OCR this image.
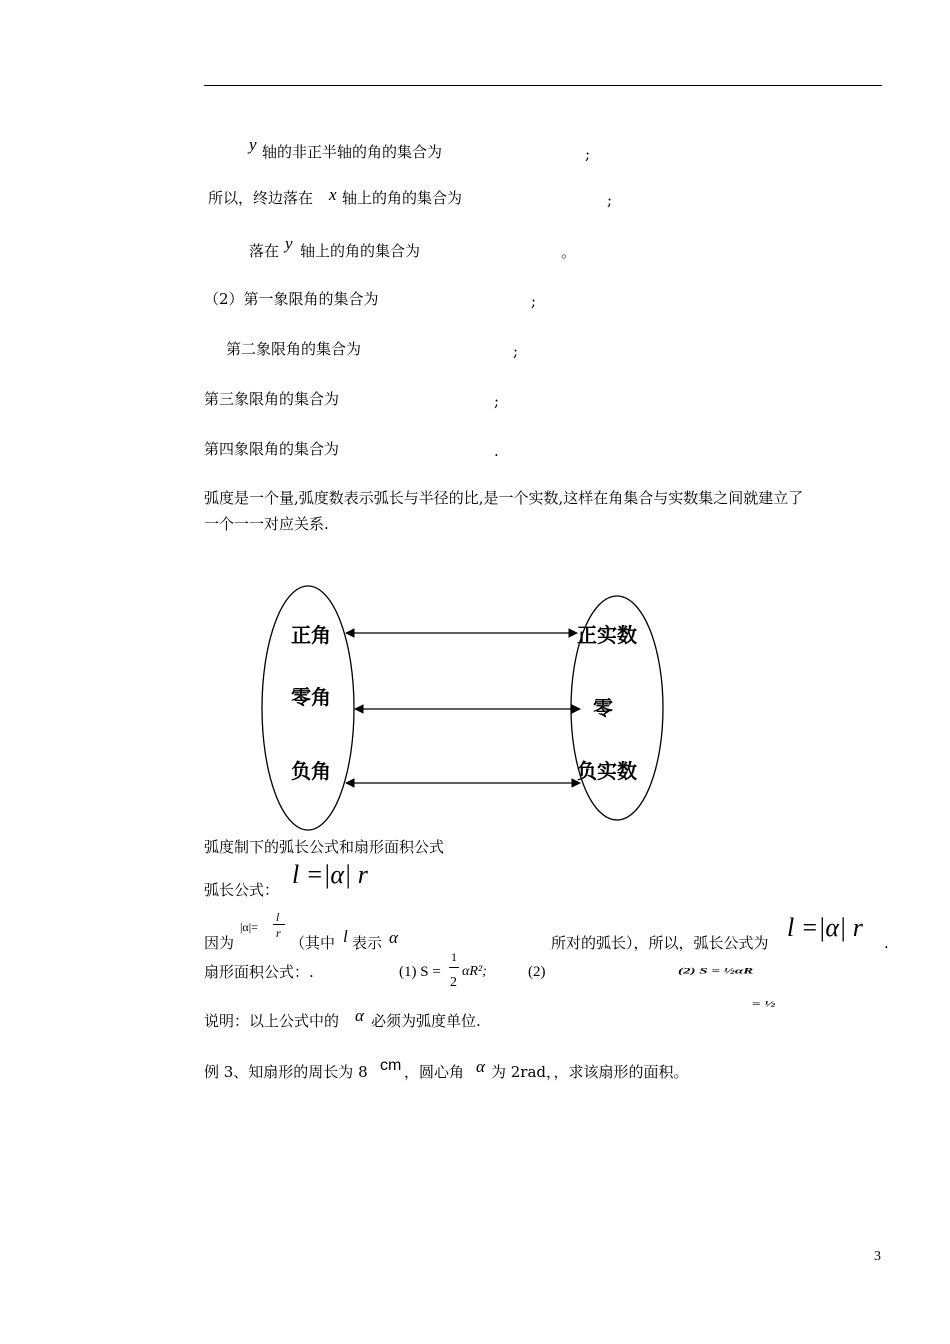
y 轴的非正半轴的角的集合为	;
所以，终边落在 x 轴上的角的集合为	;
落在 y 轴上的角的集合为	。
（2）第一象限角的集合为	;
第二象限角的集合为	;
第三象限角的集合为	;
第四象限角的集合为	.
弧度是一个量,弧度数表示弧长与半径的比,是一个实数,这样在角集合与实数集之间就建立了
一个一一对应关系.
正角
零角
负角
正实数
零
负实数
弧度制下的弧长公式和扇形面积公式
弧长公式：
l =|α| r
因为
|α|=
l
r
（其中 l 表示 α	所对的弧长），所以，弧长公式为
l =|α| r
.
扇形面积公式：.	(1) S =
1
2
αR²;	(2)	(2) S = ½αR
= ½
说明：以上公式中的 α 必须为弧度单位.
例 3、知扇形的周长为 8 cm ，圆心角 α 为 2rad，，求该扇形的面积。
3
